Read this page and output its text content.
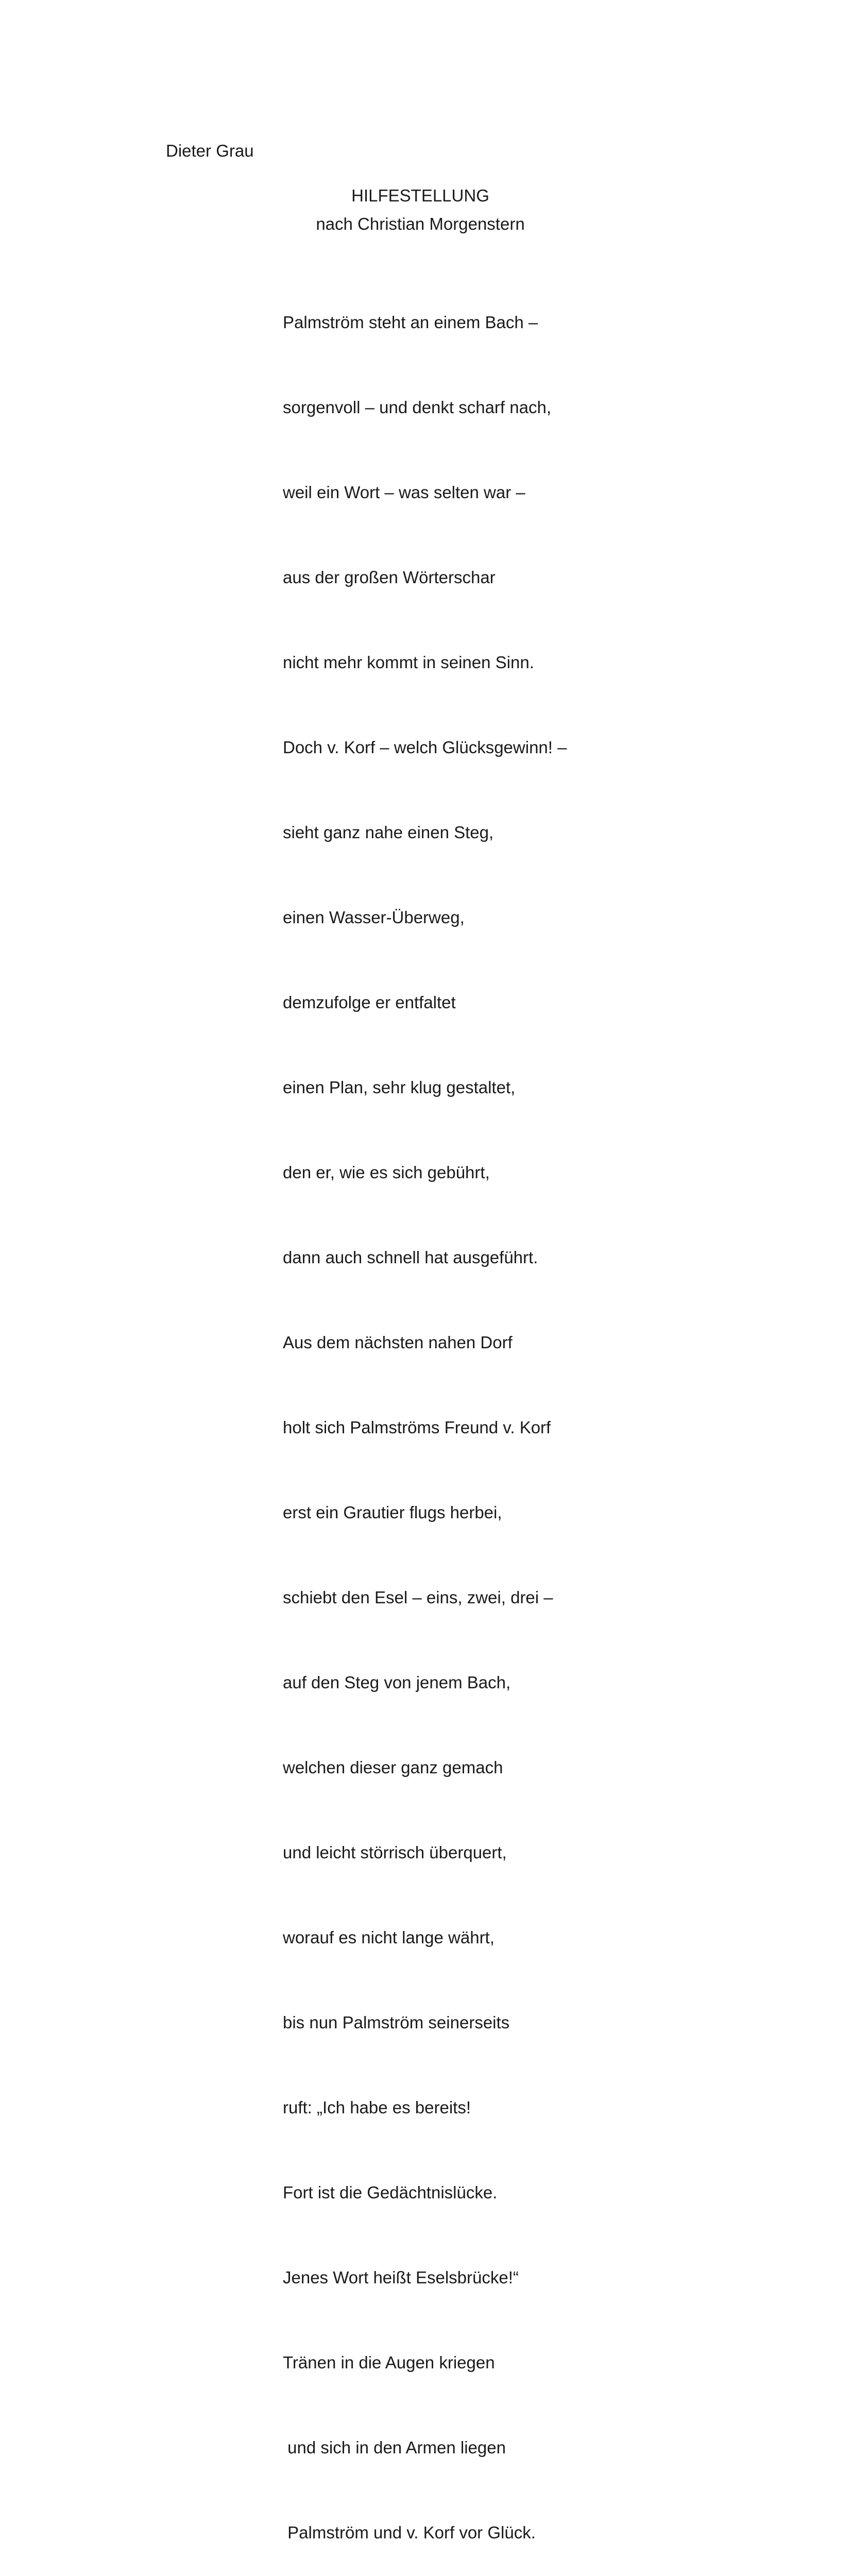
Dieter Grau
HILFESTELLUNG
nach Christian Morgenstern

Palmström steht an einem Bach –

sorgenvoll – und denkt scharf nach,

weil ein Wort – was selten war –

aus der großen Wörterschar

nicht mehr kommt in seinen Sinn.

Doch v. Korf – welch Glücksgewinn! –

sieht ganz nahe einen Steg,

einen Wasser-Überweg,

demzufolge er entfaltet

einen Plan, sehr klug gestaltet,

den er, wie es sich gebührt,

dann auch schnell hat ausgeführt.

Aus dem nächsten nahen Dorf

holt sich Palmströms Freund v. Korf

erst ein Grautier flugs herbei,

schiebt den Esel – eins, zwei, drei –

auf den Steg von jenem Bach,

welchen dieser ganz gemach

und leicht störrisch überquert,

worauf es nicht lange währt,

bis nun Palmström seinerseits

ruft: „Ich habe es bereits!

Fort ist die Gedächtnislücke.

Jenes Wort heißt Eselsbrücke!“

Tränen in die Augen kriegen

und sich in den Armen liegen

Palmström und v. Korf vor Glück.
